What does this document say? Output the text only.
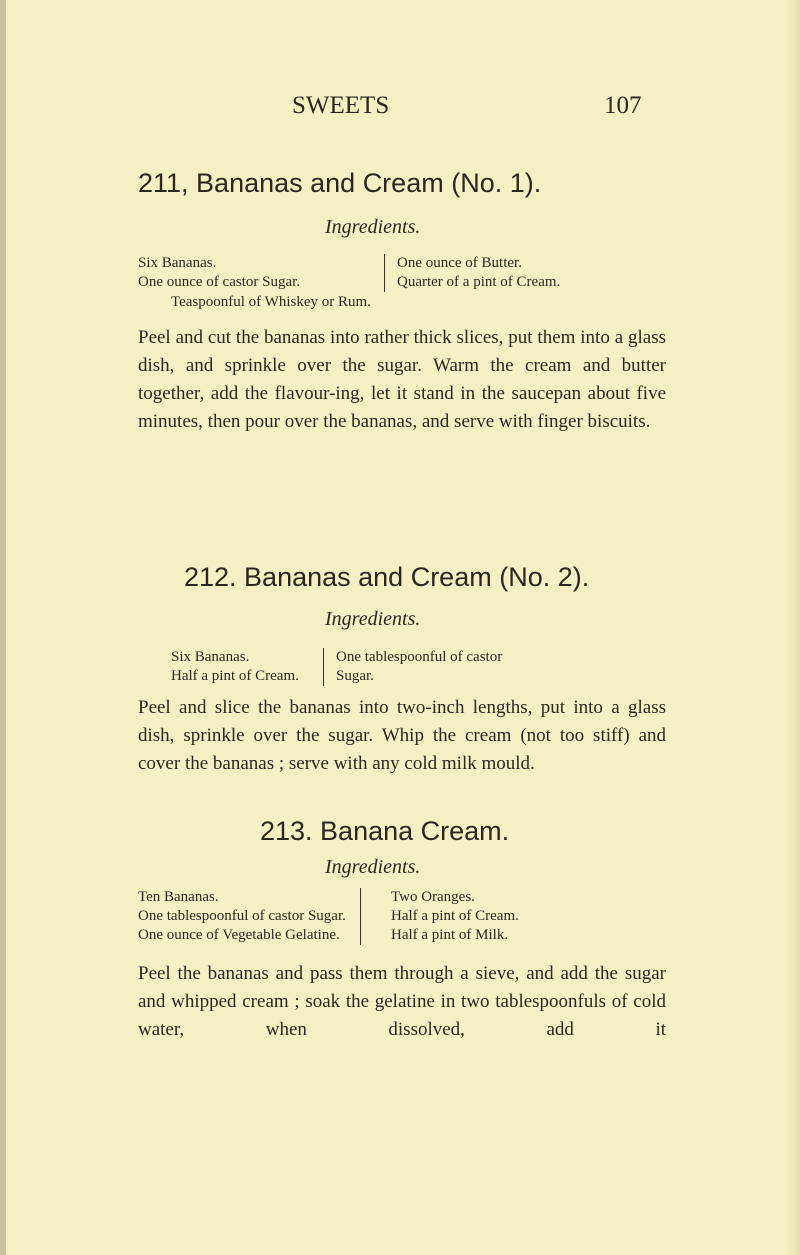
SWEETS	107
211, Bananas and Cream (No. 1).
Ingredients.
Six Bananas.
One ounce of castor Sugar.
One ounce of Butter.
Quarter of a pint of Cream.
Teaspoonful of Whiskey or Rum.
Peel and cut the bananas into rather thick slices, put them into a glass dish, and sprinkle over the sugar. Warm the cream and butter together, add the flavour-ing, let it stand in the saucepan about five minutes, then pour over the bananas, and serve with finger biscuits.
212. Bananas and Cream (No. 2).
Ingredients.
Six Bananas.
Half a pint of Cream.
One tablespoonful of castor
Sugar.
Peel and slice the bananas into two-inch lengths, put into a glass dish, sprinkle over the sugar. Whip the cream (not too stiff) and cover the bananas ; serve with any cold milk mould.
213. Banana Cream.
Ingredients.
Ten Bananas.
One tablespoonful of castor Sugar.
One ounce of Vegetable Gelatine.
Two Oranges.
Half a pint of Cream.
Half a pint of Milk.
Peel the bananas and pass them through a sieve, and add the sugar and whipped cream ; soak the gelatine in two tablespoonfuls of cold water, when dissolved, add it
